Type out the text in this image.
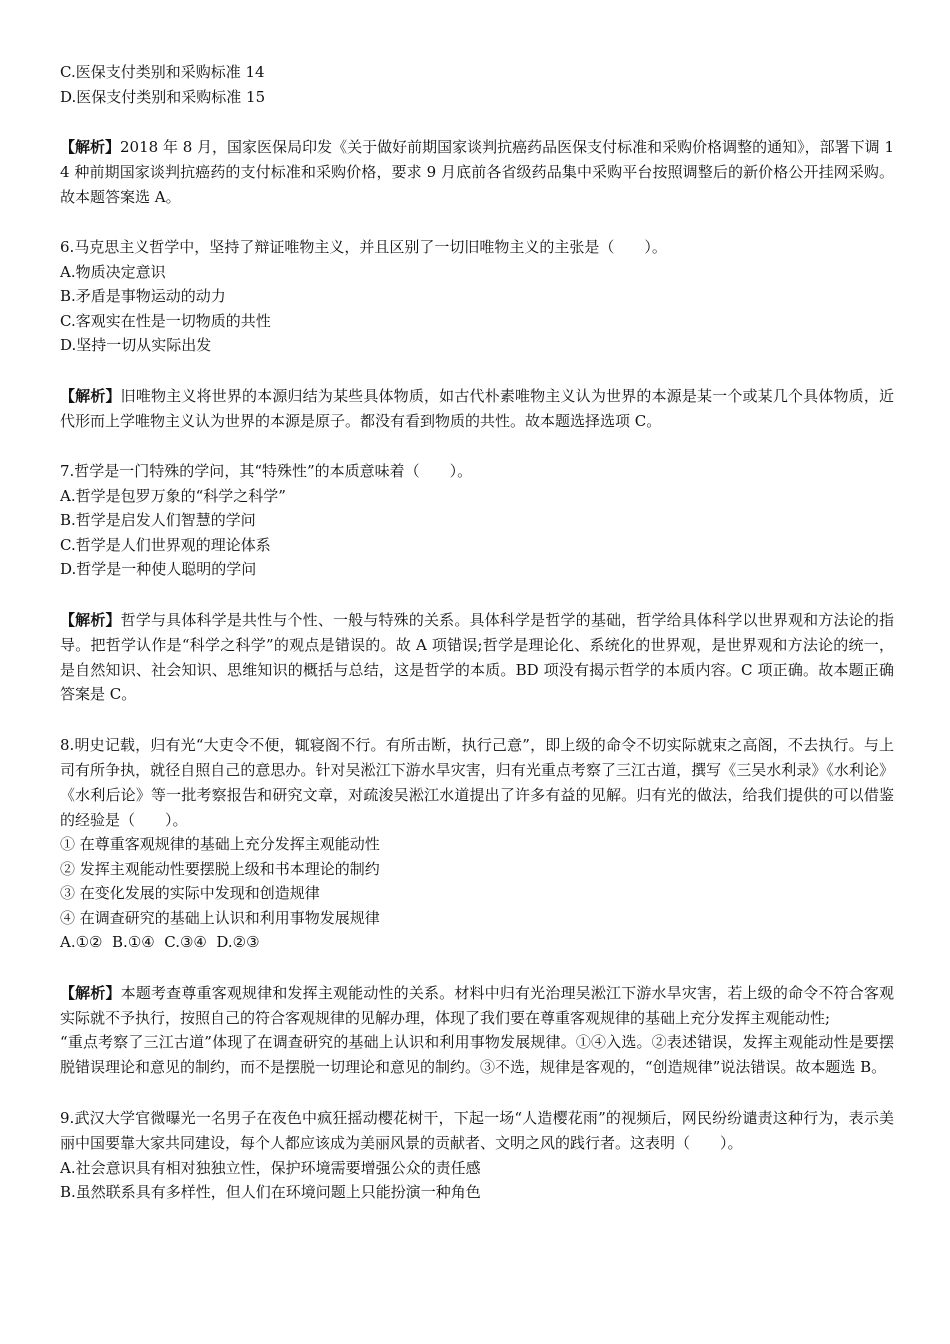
C.医保支付类别和采购标准 14

D.医保支付类别和采购标准 15

【解析】2018 年 8 月，国家医保局印发《关于做好前期国家谈判抗癌药品医保支付标准和采购价格调整的通知》，部署下调 14 种前期国家谈判抗癌药的支付标准和采购价格，要求 9 月底前各省级药品集中采购平台按照调整后的新价格公开挂网采购。故本题答案选 A。

6.马克思主义哲学中，坚持了辩证唯物主义，并且区别了一切旧唯物主义的主张是（　　）。

A.物质决定意识

B.矛盾是事物运动的动力

C.客观实在性是一切物质的共性

D.坚持一切从实际出发

【解析】旧唯物主义将世界的本源归结为某些具体物质，如古代朴素唯物主义认为世界的本源是某一个或某几个具体物质，近代形而上学唯物主义认为世界的本源是原子。都没有看到物质的共性。故本题选择选项 C。

7.哲学是一门特殊的学问，其“特殊性”的本质意味着（　　）。

A.哲学是包罗万象的“科学之科学”

B.哲学是启发人们智慧的学问

C.哲学是人们世界观的理论体系

D.哲学是一种使人聪明的学问

【解析】哲学与具体科学是共性与个性、一般与特殊的关系。具体科学是哲学的基础，哲学给具体科学以世界观和方法论的指导。把哲学认作是“科学之科学”的观点是错误的。故 A 项错误;哲学是理论化、系统化的世界观，是世界观和方法论的统一，是自然知识、社会知识、思维知识的概括与总结，这是哲学的本质。BD 项没有揭示哲学的本质内容。C 项正确。故本题正确答案是 C。

8.明史记载，归有光“大吏令不便，辄寝阁不行。有所击断，执行己意”，即上级的命令不切实际就束之高阁，不去执行。与上司有所争执，就径自照自己的意思办。针对吴淞江下游水旱灾害，归有光重点考察了三江古道，撰写《三吴水利录》《水利论》《水利后论》等一批考察报告和研究文章，对疏浚吴淞江水道提出了许多有益的见解。归有光的做法，给我们提供的可以借鉴的经验是（　　）。

① 在尊重客观规律的基础上充分发挥主观能动性

② 发挥主观能动性要摆脱上级和书本理论的制约

③ 在变化发展的实际中发现和创造规律

④ 在调查研究的基础上认识和利用事物发展规律

A.①②  B.①④  C.③④  D.②③

【解析】本题考查尊重客观规律和发挥主观能动性的关系。材料中归有光治理吴淞江下游水旱灾害，若上级的命令不符合客观实际就不予执行，按照自己的符合客观规律的见解办理，体现了我们要在尊重客观规律的基础上充分发挥主观能动性;

“重点考察了三江古道”体现了在调查研究的基础上认识和利用事物发展规律。①④入选。②表述错误，发挥主观能动性是要摆脱错误理论和意见的制约，而不是摆脱一切理论和意见的制约。③不选，规律是客观的，“创造规律”说法错误。故本题选 B。

9.武汉大学官微曝光一名男子在夜色中疯狂摇动樱花树干，下起一场“人造樱花雨”的视频后，网民纷纷谴责这种行为，表示美丽中国要靠大家共同建设，每个人都应该成为美丽风景的贡献者、文明之风的践行者。这表明（　　）。

A.社会意识具有相对独独立性，保护环境需要增强公众的责任感

B.虽然联系具有多样性，但人们在环境问题上只能扮演一种角色
